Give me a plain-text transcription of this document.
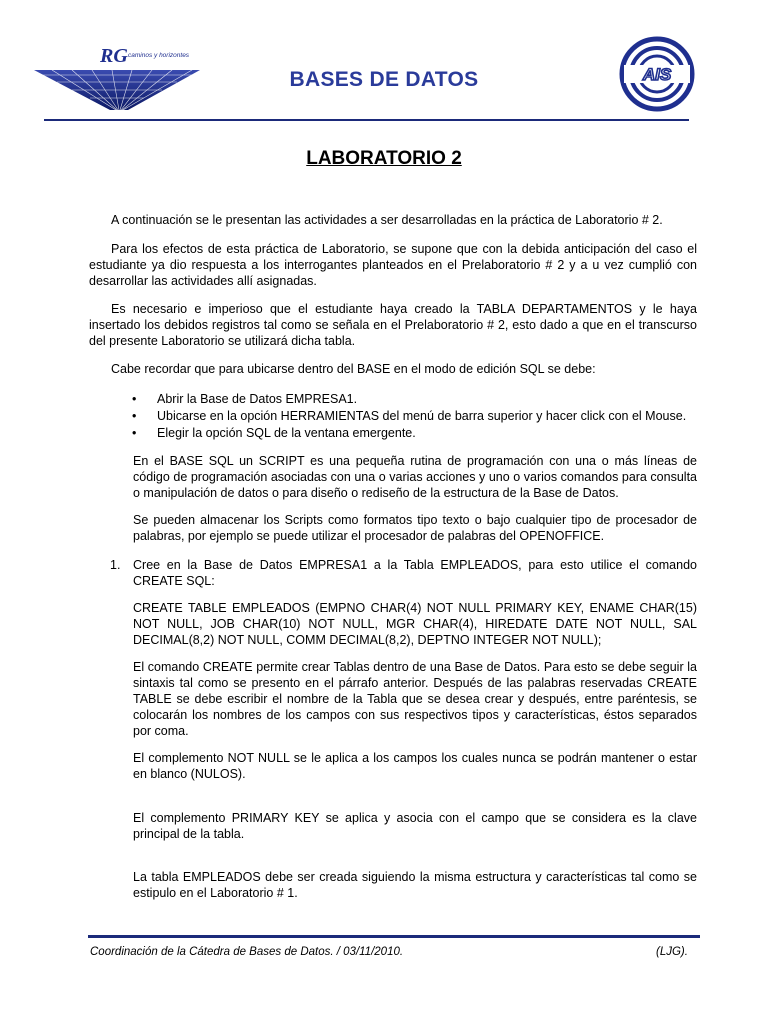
RG caminos y horizontes
BASES DE DATOS	AIS
LABORATORIO 2

A continuación se le presentan las actividades a ser desarrolladas en la práctica de Laboratorio # 2.

Para los efectos de esta práctica de Laboratorio, se supone que con la debida anticipación del caso el estudiante ya dio respuesta a los interrogantes planteados en el Prelaboratorio # 2 y a u vez cumplió con desarrollar las actividades allí asignadas.

Es necesario e imperioso que el estudiante haya creado la TABLA DEPARTAMENTOS y le haya insertado los debidos registros tal como se señala en el Prelaboratorio # 2, esto dado a que en el transcurso del presente Laboratorio se utilizará dicha tabla.

Cabe recordar que para ubicarse dentro del BASE en el modo de edición SQL se debe:

• Abrir la Base de Datos EMPRESA1.
• Ubicarse en la opción HERRAMIENTAS del menú de barra superior y hacer click con el Mouse.
• Elegir la opción SQL de la ventana emergente.

En el BASE SQL un SCRIPT es una pequeña rutina de programación con una o más líneas de código de programación asociadas con una o varias acciones y uno o varios comandos para consulta o manipulación de datos o para diseño o rediseño de la estructura de la Base de Datos.

Se pueden almacenar los Scripts como formatos tipo texto o bajo cualquier tipo de procesador de palabras, por ejemplo se puede utilizar el procesador de palabras del OPENOFFICE.

1. Cree en la Base de Datos EMPRESA1 a la Tabla EMPLEADOS, para esto utilice el comando CREATE SQL:

CREATE TABLE EMPLEADOS (EMPNO CHAR(4) NOT NULL PRIMARY KEY, ENAME CHAR(15) NOT NULL, JOB CHAR(10) NOT NULL, MGR CHAR(4), HIREDATE DATE NOT NULL, SAL DECIMAL(8,2) NOT NULL, COMM DECIMAL(8,2), DEPTNO INTEGER NOT NULL);

El comando CREATE permite crear Tablas dentro de una Base de Datos. Para esto se debe seguir la sintaxis tal como se presento en el párrafo anterior. Después de las palabras reservadas CREATE TABLE se debe escribir el nombre de la Tabla que se desea crear y después, entre paréntesis, se colocarán los nombres de los campos con sus respectivos tipos y características, éstos separados por coma.

El complemento NOT NULL se le aplica a los campos los cuales nunca se podrán mantener o estar en blanco (NULOS).

El complemento PRIMARY KEY se aplica y asocia con el campo que se considera es la clave principal de la tabla.

La tabla EMPLEADOS debe ser creada siguiendo la misma estructura y características tal como se estipulo en el Laboratorio # 1.

Coordinación de la Cátedra de Bases de Datos. / 03/11/2010.	(LJG).
